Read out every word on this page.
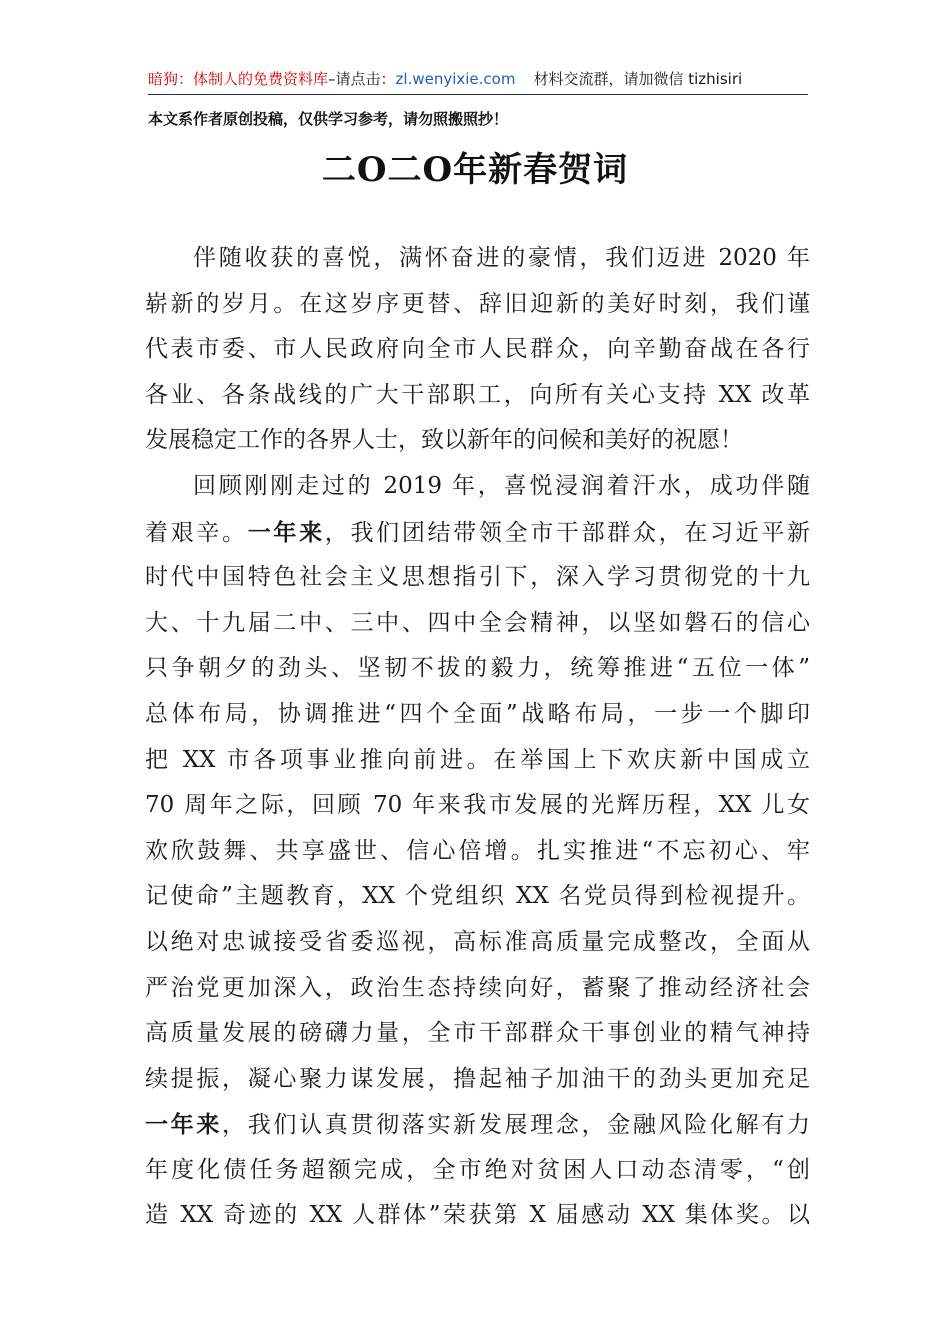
暗狗：体制人的免费资料库–请点击：zl.wenyixie.com 材料交流群，请加微信 tizhisiri
本文系作者原创投稿，仅供学习参考，请勿照搬照抄！
二O二O年新春贺词
伴随收获的喜悦，满怀奋进的豪情，我们迈进 2020 年
崭新的岁月。在这岁序更替、辞旧迎新的美好时刻，我们谨
代表市委、市人民政府向全市人民群众，向辛勤奋战在各行
各业、各条战线的广大干部职工，向所有关心支持 XX 改革
发展稳定工作的各界人士，致以新年的问候和美好的祝愿！
回顾刚刚走过的 2019 年，喜悦浸润着汗水，成功伴随
着艰辛。一年来，我们团结带领全市干部群众，在习近平新
时代中国特色社会主义思想指引下，深入学习贯彻党的十九
大、十九届二中、三中、四中全会精神，以坚如磐石的信心
只争朝夕的劲头、坚韧不拔的毅力，统筹推进“五位一体”
总体布局，协调推进“四个全面”战略布局，一步一个脚印
把 XX 市各项事业推向前进。在举国上下欢庆新中国成立
70 周年之际，回顾 70 年来我市发展的光辉历程，XX 儿女
欢欣鼓舞、共享盛世、信心倍增。扎实推进“不忘初心、牢
记使命”主题教育，XX 个党组织 XX 名党员得到检视提升。
以绝对忠诚接受省委巡视，高标准高质量完成整改，全面从
严治党更加深入，政治生态持续向好，蓄聚了推动经济社会
高质量发展的磅礴力量，全市干部群众干事创业的精气神持
续提振，凝心聚力谋发展，撸起袖子加油干的劲头更加充足
一年来，我们认真贯彻落实新发展理念，金融风险化解有力
年度化债任务超额完成，全市绝对贫困人口动态清零，“创
造 XX 奇迹的 XX 人群体”荣获第 X 届感动 XX 集体奖。以
